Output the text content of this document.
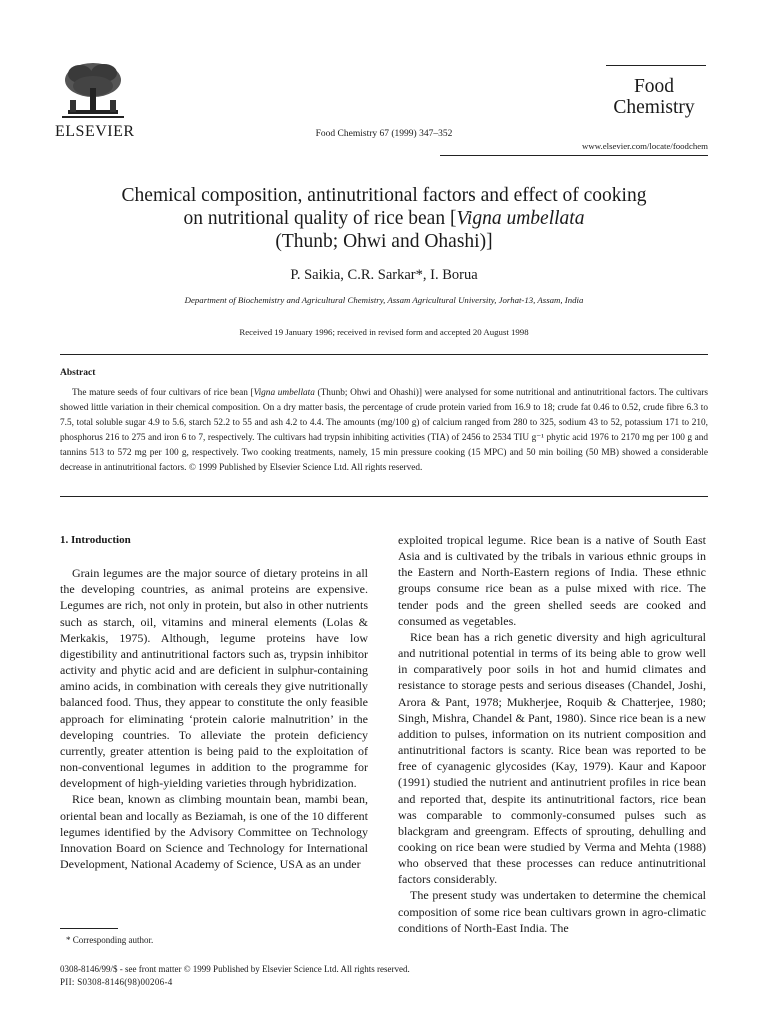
ELSEVIER	Food Chemistry 67 (1999) 347–352
Food
Chemistry
www.elsevier.com/locate/foodchem
Chemical composition, antinutritional factors and effect of cooking
on nutritional quality of rice bean [Vigna umbellata
(Thunb; Ohwi and Ohashi)]
P. Saikia, C.R. Sarkar*, I. Borua
Department of Biochemistry and Agricultural Chemistry, Assam Agricultural University, Jorhat-13, Assam, India
Received 19 January 1996; received in revised form and accepted 20 August 1998
Abstract
The mature seeds of four cultivars of rice bean [Vigna umbellata (Thunb; Ohwi and Ohashi)] were analysed for some nutritional and antinutritional factors. The cultivars showed little variation in their chemical composition. On a dry matter basis, the percentage of crude protein varied from 16.9 to 18; crude fat 0.46 to 0.52, crude fibre 6.3 to 7.5, total soluble sugar 4.9 to 5.6, starch 52.2 to 55 and ash 4.2 to 4.4. The amounts (mg/100 g) of calcium ranged from 280 to 325, sodium 43 to 52, potassium 171 to 210, phosphorus 216 to 275 and iron 6 to 7, respectively. The cultivars had trypsin inhibiting activities (TIA) of 2456 to 2534 TIU g⁻¹ phytic acid 1976 to 2170 mg per 100 g and tannins 513 to 572 mg per 100 g, respectively. Two cooking treatments, namely, 15 min pressure cooking (15 MPC) and 50 min boiling (50 MB) showed a considerable decrease in antinutritional factors. © 1999 Published by Elsevier Science Ltd. All rights reserved.

1. Introduction

Grain legumes are the major source of dietary proteins in all the developing countries, as animal proteins are expensive. Legumes are rich, not only in protein, but also in other nutrients such as starch, oil, vitamins and mineral elements (Lolas & Merkakis, 1975). Although, legume proteins have low digestibility and antinutritional factors such as, trypsin inhibitor activity and phytic acid and are deficient in sulphur-containing amino acids, in combination with cereals they give nutritionally balanced food. Thus, they appear to constitute the only feasible approach for eliminating ‘protein calorie malnutrition’ in the developing countries. To alleviate the protein deficiency currently, greater attention is being paid to the exploitation of non-conventional legumes in addition to the programme for development of high-yielding varieties through hybridization.

Rice bean, known as climbing mountain bean, mambi bean, oriental bean and locally as Beziamah, is one of the 10 different legumes identified by the Advisory Committee on Technology Innovation Board on Science and Technology for International Development, National Academy of Science, USA as an under

exploited tropical legume. Rice bean is a native of South East Asia and is cultivated by the tribals in various ethnic groups in the Eastern and North-Eastern regions of India. These ethnic groups consume rice bean as a pulse mixed with rice. The tender pods and the green shelled seeds are cooked and consumed as vegetables.

Rice bean has a rich genetic diversity and high agricultural and nutritional potential in terms of its being able to grow well in comparatively poor soils in hot and humid climates and resistance to storage pests and serious diseases (Chandel, Joshi, Arora & Pant, 1978; Mukherjee, Roquib & Chatterjee, 1980; Singh, Mishra, Chandel & Pant, 1980). Since rice bean is a new addition to pulses, information on its nutrient composition and antinutritional factors is scanty. Rice bean was reported to be free of cyanagenic glycosides (Kay, 1979). Kaur and Kapoor (1991) studied the nutrient and antinutrient profiles in rice bean and reported that, despite its antinutritional factors, rice bean was comparable to commonly-consumed pulses such as blackgram and greengram. Effects of sprouting, dehulling and cooking on rice bean were studied by Verma and Mehta (1988) who observed that these processes can reduce antinutritional factors considerably.

The present study was undertaken to determine the chemical composition of some rice bean cultivars grown in agro-climatic conditions of North-East India. The

* Corresponding author.
0308-8146/99/$ - see front matter © 1999 Published by Elsevier Science Ltd. All rights reserved.
PII: S0308-8146(98)00206-4
